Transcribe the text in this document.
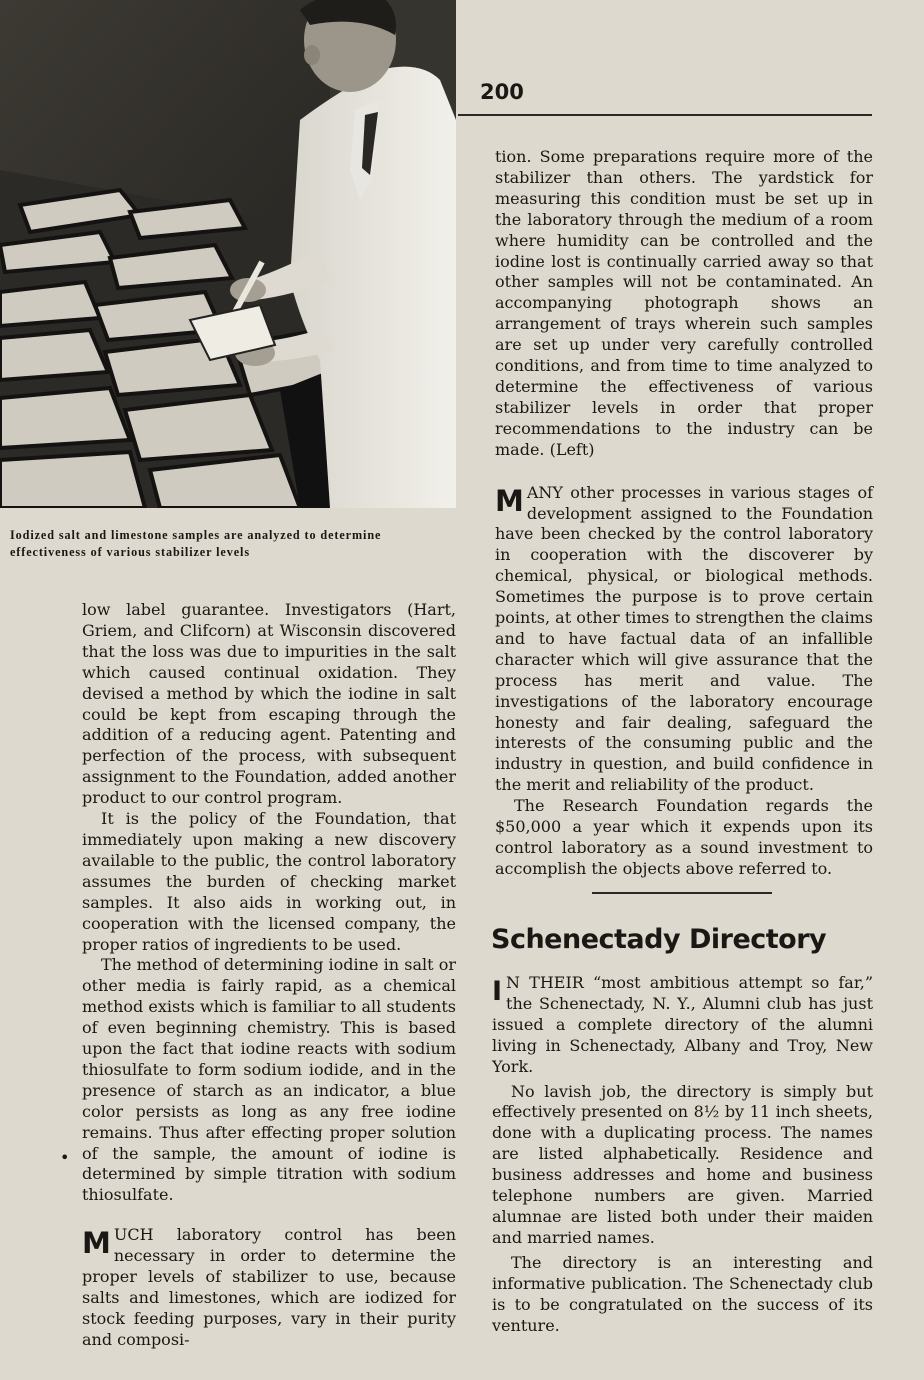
Iodized salt and limestone samples are analyzed to determine effectiveness of various stabilizer levels
200

low label guarantee. Investigators (Hart, Griem, and Clifcorn) at Wisconsin discovered that the loss was due to impurities in the salt which caused continual oxidation. They devised a method by which the iodine in salt could be kept from escaping through the addition of a reducing agent. Patenting and perfection of the process, with subsequent assignment to the Foundation, added another product to our control program.

It is the policy of the Foundation, that immediately upon making a new discovery available to the public, the control laboratory assumes the burden of checking market samples. It also aids in working out, in cooperation with the licensed company, the proper ratios of ingredients to be used.

The method of determining iodine in salt or other media is fairly rapid, as a chemical method exists which is familiar to all students of even beginning chemistry. This is based upon the fact that iodine reacts with sodium thiosulfate to form sodium iodide, and in the presence of starch as an indicator, a blue color persists as long as any free iodine remains. Thus after effecting proper solution of the sample, the amount of iodine is determined by simple titration with sodium thiosulfate.

MUCH laboratory control has been necessary in order to determine the proper levels of stabilizer to use, because salts and limestones, which are iodized for stock feeding purposes, vary in their purity and composi-

•

tion. Some preparations require more of the stabilizer than others. The yardstick for measuring this condition must be set up in the laboratory through the medium of a room where humidity can be controlled and the iodine lost is continually carried away so that other samples will not be contaminated. An accompanying photograph shows an arrangement of trays wherein such samples are set up under very carefully controlled conditions, and from time to time analyzed to determine the effectiveness of various stabilizer levels in order that proper recommendations to the industry can be made. (Left)

MANY other processes in various stages of development assigned to the Foundation have been checked by the control laboratory in cooperation with the discoverer by chemical, physical, or biological methods. Sometimes the purpose is to prove certain points, at other times to strengthen the claims and to have factual data of an infallible character which will give assurance that the process has merit and value. The investigations of the laboratory encourage honesty and fair dealing, safeguard the interests of the consuming public and the industry in question, and build confidence in the merit and reliability of the product.

The Research Foundation regards the $50,000 a year which it expends upon its control laboratory as a sound investment to accomplish the objects above referred to.

Schenectady Directory

I N THEIR “most ambitious attempt so far,” the Schenectady, N. Y., Alumni club has just issued a complete directory of the alumni living in Schenectady, Albany and Troy, New York.

No lavish job, the directory is simply but effectively presented on 8½ by 11 inch sheets, done with a duplicating process. The names are listed alphabetically. Residence and business addresses and home and business telephone numbers are given. Married alumnae are listed both under their maiden and married names.

The directory is an interesting and informative publication. The Schenectady club is to be congratulated on the success of its venture.
